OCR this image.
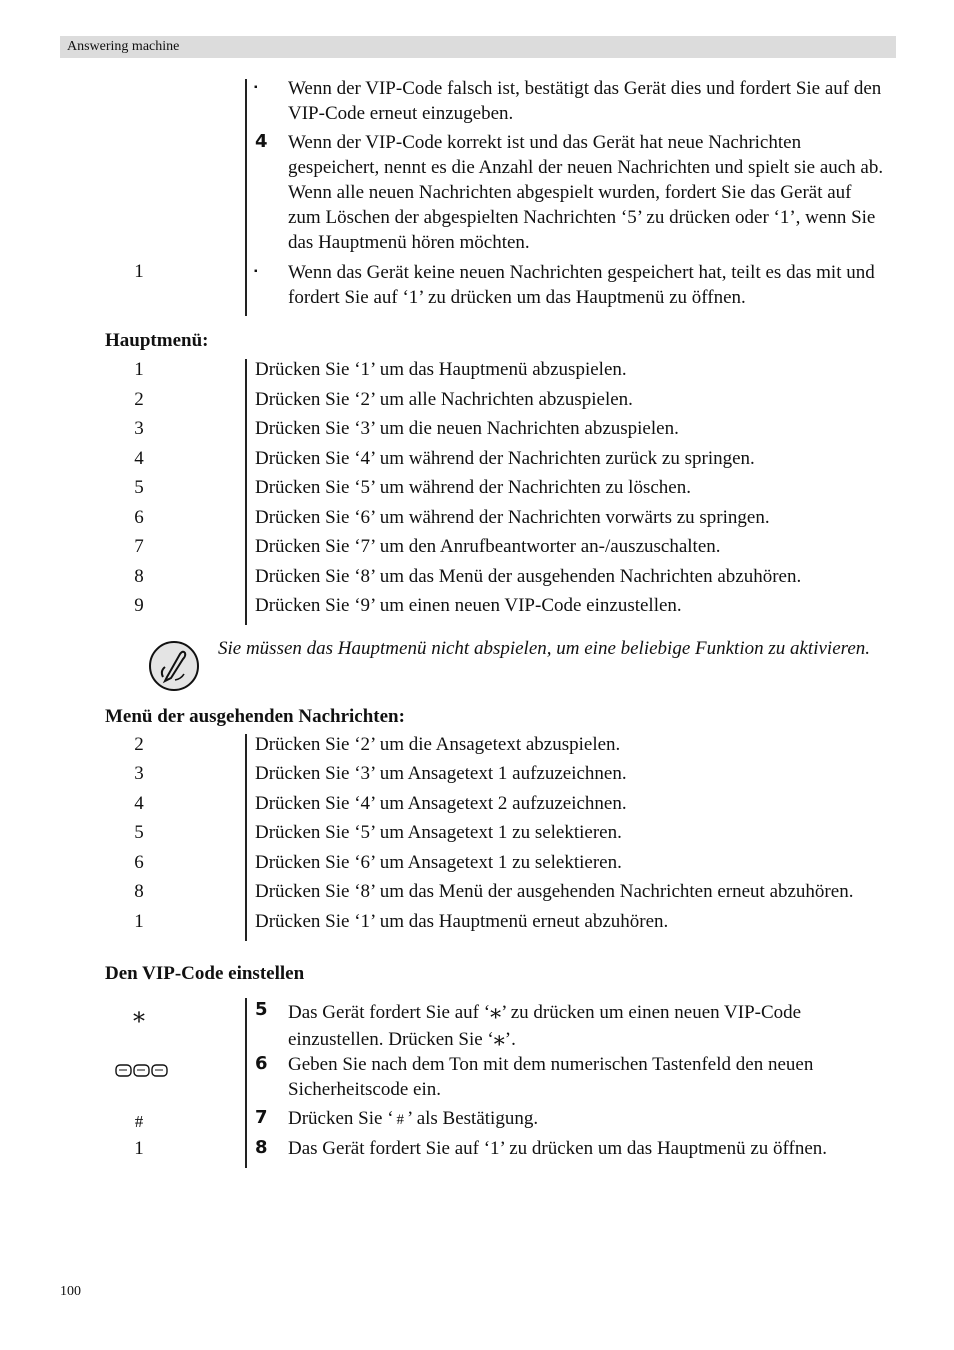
Answering machine
▪ Wenn der VIP-Code falsch ist, bestätigt das Gerät dies und fordert Sie auf den VIP-Code erneut einzugeben.
4 Wenn der VIP-Code korrekt ist und das Gerät hat neue Nachrichten gespeichert, nennt es die Anzahl der neuen Nachrichten und spielt sie auch ab. Wenn alle neuen Nachrichten abgespielt wurden, fordert Sie das Gerät auf zum Löschen der abgespielten Nachrichten ‘5’ zu drücken oder ‘1’, wenn Sie das Hauptmenü hören möchten.
1	▪ Wenn das Gerät keine neuen Nachrichten gespeichert hat, teilt es das mit und fordert Sie auf ‘1’ zu drücken um das Hauptmenü zu öffnen.
Hauptmenü:
1	Drücken Sie ‘1’ um das Hauptmenü abzuspielen.
2	Drücken Sie ‘2’ um alle Nachrichten abzuspielen.
3	Drücken Sie ‘3’ um die neuen Nachrichten abzuspielen.
4	Drücken Sie ‘4’ um während der Nachrichten zurück zu springen.
5	Drücken Sie ‘5’ um während der Nachrichten zu löschen.
6	Drücken Sie ‘6’ um während der Nachrichten vorwärts zu springen.
7	Drücken Sie ‘7’ um den Anrufbeantworter an-/auszuschalten.
8	Drücken Sie ‘8’ um das Menü der ausgehenden Nachrichten abzuhören.
9	Drücken Sie ‘9’ um einen neuen VIP-Code einzustellen.
Sie müssen das Hauptmenü nicht abspielen, um eine beliebige Funktion zu aktivieren.
Menü der ausgehenden Nachrichten:
2	Drücken Sie ‘2’ um die Ansagetext abzuspielen.
3	Drücken Sie ‘3’ um Ansagetext 1 aufzuzeichnen.
4	Drücken Sie ‘4’ um Ansagetext 2 aufzuzeichnen.
5	Drücken Sie ‘5’ um Ansagetext 1 zu selektieren.
6	Drücken Sie ‘6’ um Ansagetext 1 zu selektieren.
8	Drücken Sie ‘8’ um das Menü der ausgehenden Nachrichten erneut abzuhören.
1	Drücken Sie ‘1’ um das Hauptmenü erneut abzuhören.
Den VIP-Code einstellen
⁎	5 Das Gerät fordert Sie auf ‘⁎’ zu drücken um einen neuen VIP-Code einzustellen. Drücken Sie ‘⁎’.
6 Geben Sie nach dem Ton mit dem numerischen Tastenfeld den neuen Sicherheitscode ein.
#	7 Drücken Sie ‘ # ’ als Bestätigung.
1	8 Das Gerät fordert Sie auf ‘1’ zu drücken um das Hauptmenü zu öffnen.
100
